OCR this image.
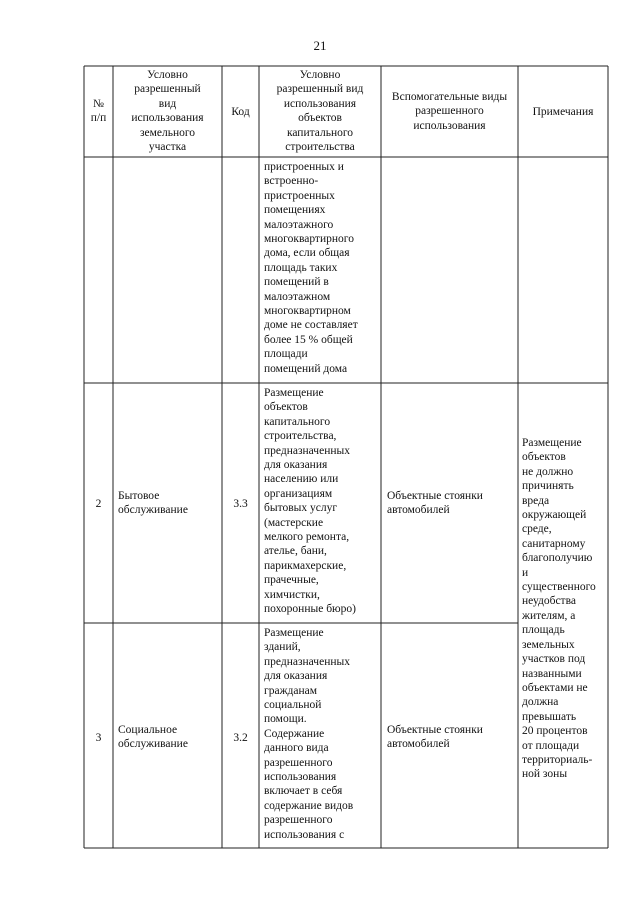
21
№
п/п
Условно
разрешенный
вид
использования
земельного
участка
Код
Условно
разрешенный вид
использования
объектов
капитального
строительства
Вспомогательные виды
разрешенного
использования
Примечания
пристроенных и
встроенно-
пристроенных
помещениях
малоэтажного
многоквартирного
дома, если общая
площадь таких
помещений в
малоэтажном
многоквартирном
доме не составляет
более 15 % общей
площади
помещений дома
2
Бытовое
обслуживание
3.3
Размещение
объектов
капитального
строительства,
предназначенных
для оказания
населению или
организациям
бытовых услуг
(мастерские
мелкого ремонта,
ателье, бани,
парикмахерские,
прачечные,
химчистки,
похоронные бюро)
Объектные стоянки
автомобилей
3
Социальное
обслуживание
3.2
Размещение
зданий,
предназначенных
для оказания
гражданам
социальной
помощи.
Содержание
данного вида
разрешенного
использования
включает в себя
содержание видов
разрешенного
использования с
Объектные стоянки
автомобилей
Размещение
объектов
не должно
причинять
вреда
окружающей
среде,
санитарному
благополучию
и
существенного
неудобства
жителям, а
площадь
земельных
участков под
названными
объектами не
должна
превышать
20 процентов
от площади
территориаль-
ной зоны
